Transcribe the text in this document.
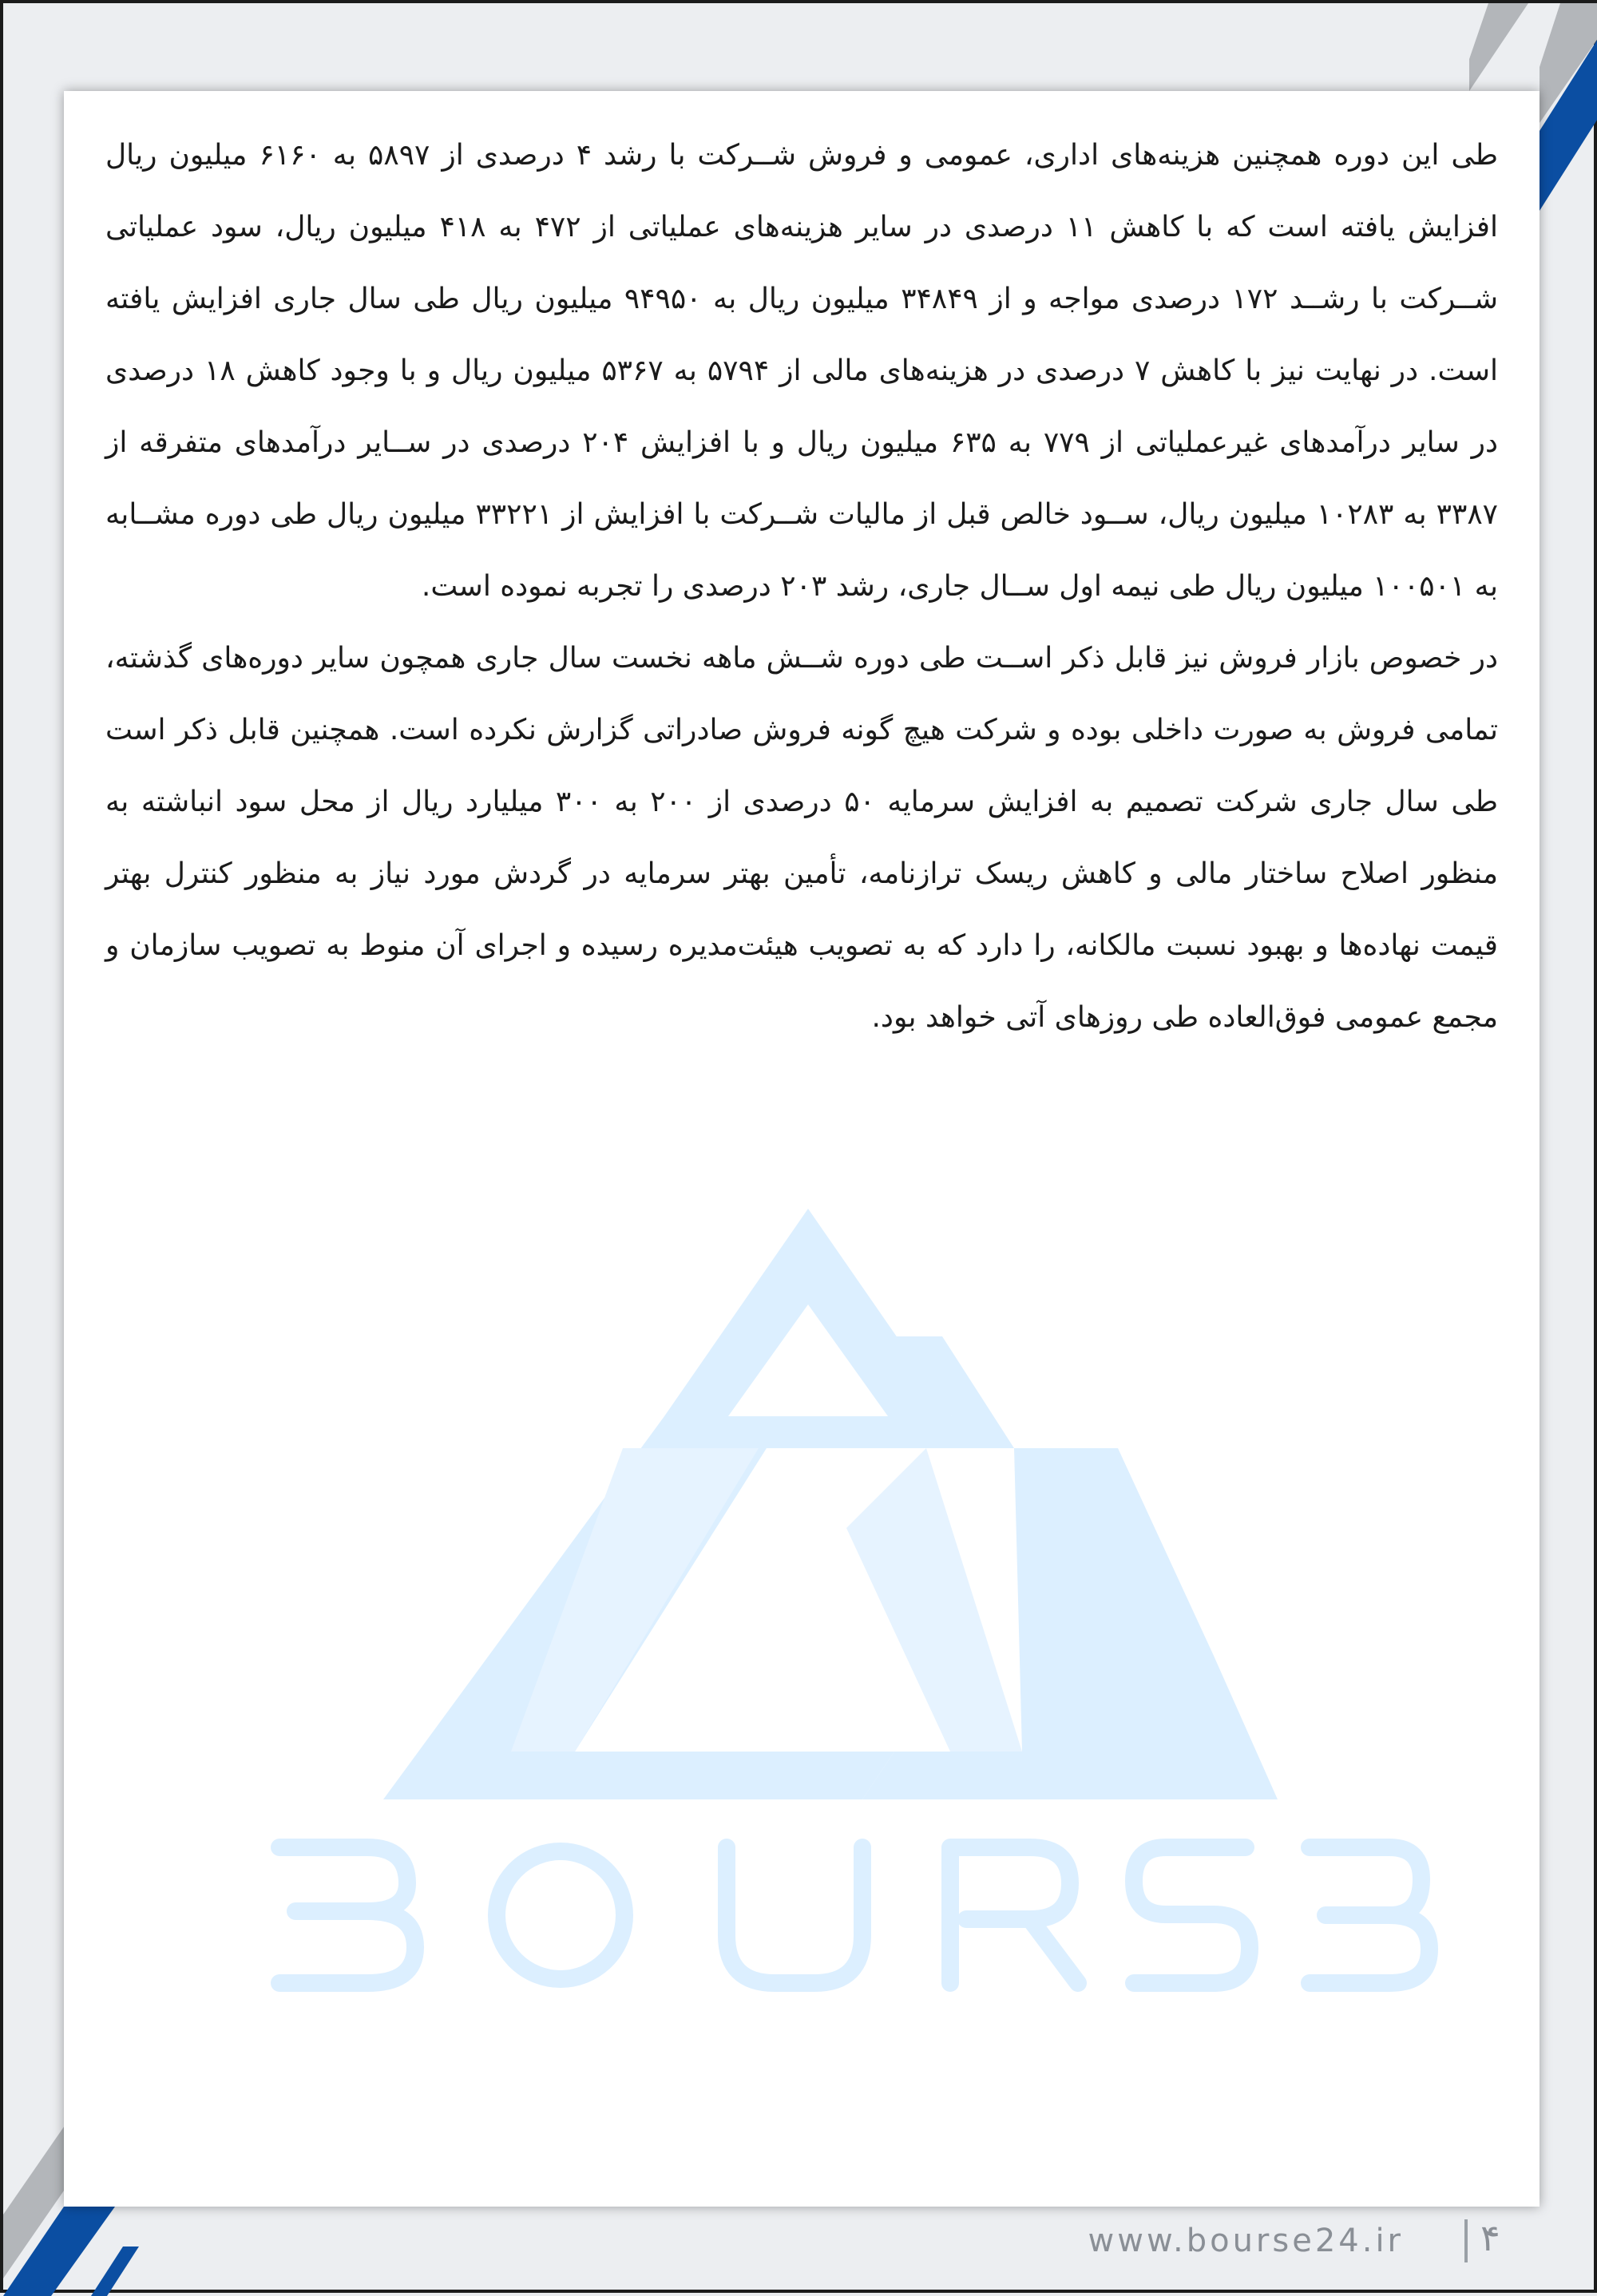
طی این دوره همچنین هزینه‌های اداری، عمومی و فروش شــرکت با رشد ۴ درصدی از ۵۸۹۷ به ۶۱۶۰ میلیون ریال افزایش یافته است که با کاهش ۱۱ درصدی در سایر هزینه‌های عملیاتی از ۴۷۲ به ۴۱۸ میلیون ریال، سود عملیاتی شــرکت با رشــد ۱۷۲ درصدی مواجه و از ۳۴۸۴۹ میلیون ریال به ۹۴۹۵۰ میلیون ریال طی سال جاری افزایش یافته است. در نهایت نیز با کاهش ۷ درصدی در هزینه‌های مالی از ۵۷۹۴ به ۵۳۶۷ میلیون ریال و با وجود کاهش ۱۸ درصدی در سایر درآمدهای غیرعملیاتی از ۷۷۹ به ۶۳۵ میلیون ریال و با افزایش ۲۰۴ درصدی در ســایر درآمدهای متفرقه از ۳۳۸۷ به ۱۰۲۸۳ میلیون ریال، ســود خالص قبل از مالیات شــرکت با افزایش از ۳۳۲۲۱ میلیون ریال طی دوره مشــابه به ۱۰۰۵۰۱ میلیون ریال طی نیمه اول ســال جاری، رشد ۲۰۳ درصدی را تجربه نموده است.

در خصوص بازار فروش نیز قابل ذکر اســت طی دوره شــش ماهه نخست سال جاری همچون سایر دوره‌های گذشته، تمامی فروش به صورت داخلی بوده و شرکت هیچ گونه فروش صادراتی گزارش نکرده است. همچنین قابل ذکر است طی سال جاری شرکت تصمیم به افزایش سرمایه ۵۰ درصدی از ۲۰۰ به ۳۰۰ میلیارد ریال از محل سود انباشته به منظور اصلاح ساختار مالی و کاهش ریسک ترازنامه، تأمین بهتر سرمایه در گردش مورد نیاز به منظور کنترل بهتر قیمت نهاده‌ها و بهبود نسبت مالکانه، را دارد که به تصویب هیئت‌مدیره رسیده و اجرای آن منوط به تصویب سازمان و مجمع عمومی فوق‌العاده طی روزهای آتی خواهد بود.

www.bourse24.ir ۴
